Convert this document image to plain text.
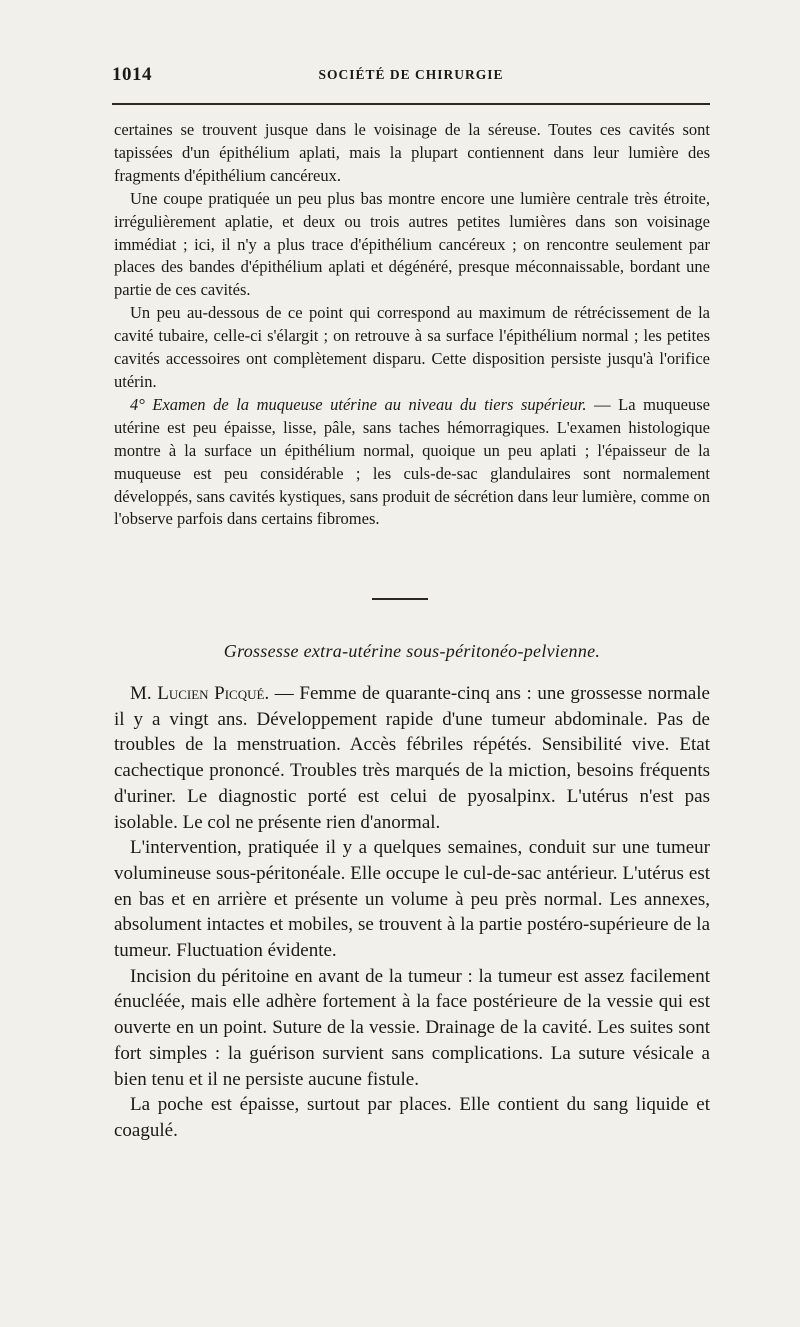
1014	SOCIÉTÉ DE CHIRURGIE

certaines se trouvent jusque dans le voisinage de la séreuse. Toutes ces cavités sont tapissées d'un épithélium aplati, mais la plupart contiennent dans leur lumière des fragments d'épithélium cancéreux.

Une coupe pratiquée un peu plus bas montre encore une lumière centrale très étroite, irrégulièrement aplatie, et deux ou trois autres petites lumières dans son voisinage immédiat ; ici, il n'y a plus trace d'épithélium cancéreux ; on rencontre seulement par places des bandes d'épithélium aplati et dégénéré, presque méconnaissable, bordant une partie de ces cavités.

Un peu au-dessous de ce point qui correspond au maximum de rétrécissement de la cavité tubaire, celle-ci s'élargit ; on retrouve à sa surface l'épithélium normal ; les petites cavités accessoires ont complètement disparu. Cette disposition persiste jusqu'à l'orifice utérin.

4° Examen de la muqueuse utérine au niveau du tiers supérieur. — La muqueuse utérine est peu épaisse, lisse, pâle, sans taches hémorragiques. L'examen histologique montre à la surface un épithélium normal, quoique un peu aplati ; l'épaisseur de la muqueuse est peu considérable ; les culs-de-sac glandulaires sont normalement développés, sans cavités kystiques, sans produit de sécrétion dans leur lumière, comme on l'observe parfois dans certains fibromes.

Grossesse extra-utérine sous-péritonéo-pelvienne.

M. Lucien Picqué. — Femme de quarante-cinq ans : une grossesse normale il y a vingt ans. Développement rapide d'une tumeur abdominale. Pas de troubles de la menstruation. Accès fébriles répétés. Sensibilité vive. Etat cachectique prononcé. Troubles très marqués de la miction, besoins fréquents d'uriner. Le diagnostic porté est celui de pyosalpinx. L'utérus n'est pas isolable. Le col ne présente rien d'anormal.

L'intervention, pratiquée il y a quelques semaines, conduit sur une tumeur volumineuse sous-péritonéale. Elle occupe le cul-de-sac antérieur. L'utérus est en bas et en arrière et présente un volume à peu près normal. Les annexes, absolument intactes et mobiles, se trouvent à la partie postéro-supérieure de la tumeur. Fluctuation évidente.

Incision du péritoine en avant de la tumeur : la tumeur est assez facilement énucléée, mais elle adhère fortement à la face postérieure de la vessie qui est ouverte en un point. Suture de la vessie. Drainage de la cavité. Les suites sont fort simples : la guérison survient sans complications. La suture vésicale a bien tenu et il ne persiste aucune fistule.

La poche est épaisse, surtout par places. Elle contient du sang liquide et coagulé.
